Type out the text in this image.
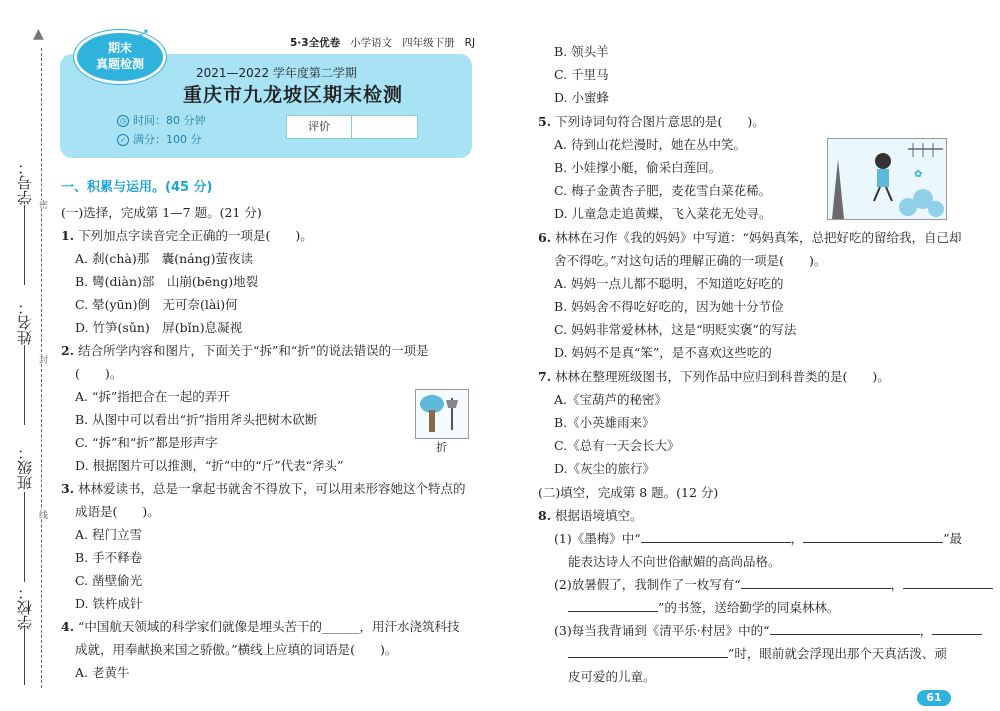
▲
学号： 密
姓名：
封
班级：
线
学校：
5·3全优卷 小学语文 四年级下册 RJ
期末
真题检测
➶
2021—2022 学年度第二学期
重庆市九龙坡区期末检测
◷ 时间：80 分钟
✓ 满分：100 分
评价
一、积累与运用。(45 分)
(一)选择，完成第 1—7 题。(21 分)
1. 下列加点字读音完全正确的一项是(　　)。
A. 刹(chà)那　囊(náng)萤夜读
B. 彎(diàn)部　山崩(bēng)地裂
C. 晕(yūn)倒　无可奈(lài)何
D. 竹笋(sǔn)　屏(bǐn)息凝视
2. 结合所学内容和图片，下面关于“拆”和“折”的说法错误的一项是
(　　)。
A. “拆”指把合在一起的弄开
B. 从图中可以看出“折”指用斧头把树木砍断
C. “拆”和“折”都是形声字
D. 根据图片可以推测，“折”中的“斤”代表“斧头”
折
3. 林林爱读书，总是一拿起书就舍不得放下，可以用来形容她这个特点的
成语是(　　)。
A. 程门立雪
B. 手不释卷
C. 凿壁偷光
D. 铁杵成针
4. “中国航天领域的科学家们就像是埋头苦干的______，用汗水浇筑科技
成就，用奉献换来国之骄傲。”横线上应填的词语是(　　)。
A. 老黄牛
B. 领头羊
C. 千里马
D. 小蜜蜂
5. 下列诗词句符合图片意思的是(　　)。
A. 待到山花烂漫时，她在丛中笑。
B. 小娃撑小艇，偷采白莲回。
C. 梅子金黄杏子肥，麦花雪白菜花稀。
D. 儿童急走追黄蝶，飞入菜花无处寻。
✿
6. 林林在习作《我的妈妈》中写道：“妈妈真笨，总把好吃的留给我，自己却
舍不得吃。”对这句话的理解正确的一项是(　　)。
A. 妈妈一点儿都不聪明，不知道吃好吃的
B. 妈妈舍不得吃好吃的，因为她十分节俭
C. 妈妈非常爱林林，这是“明贬实褒”的写法
D. 妈妈不是真“笨”，是不喜欢这些吃的
7. 林林在整理班级图书，下列作品中应归到科普类的是(　　)。
A.《宝葫芦的秘密》
B.《小英雄雨来》
C.《总有一天会长大》
D.《灰尘的旅行》
(二)填空，完成第 8 题。(12 分)
8. 根据语境填空。
(1)《墨梅》中“	，	”最
能表达诗人不向世俗献媚的高尚品格。
(2)放暑假了，我制作了一枚写有“	，
”的书签，送给勤学的同桌林林。
(3)每当我背诵到《清平乐·村居》中的“	，
”时，眼前就会浮现出那个天真活泼、顽
皮可爱的儿童。
61
